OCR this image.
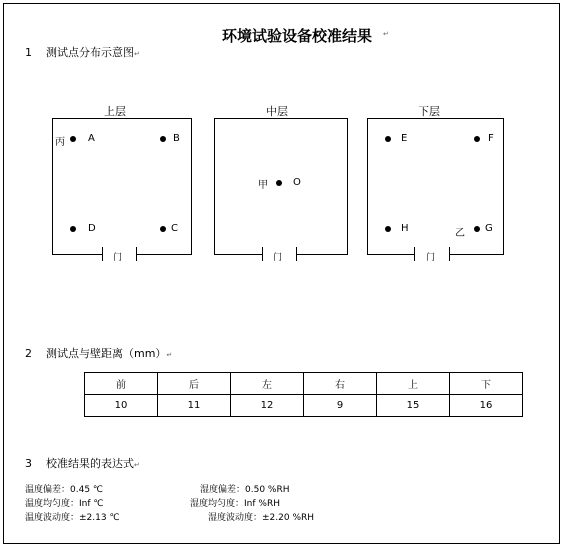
环境试验设备校准结果 ↵
1 测试点分布示意图↵
上层
门
丙 A	B
D	C
中层
门
甲	O
下层
门
E	F
H	乙 G
2 测试点与壁距离（mm）↵
前	后	左	右	上	下
10	11	12	9	15	16
3 校准结果的表达式↵
温度偏差：0.45 ℃
温度均匀度：Inf ℃
温度波动度：±2.13 ℃
湿度偏差：0.50 %RH
湿度均匀度：Inf %RH
湿度波动度：±2.20 %RH
